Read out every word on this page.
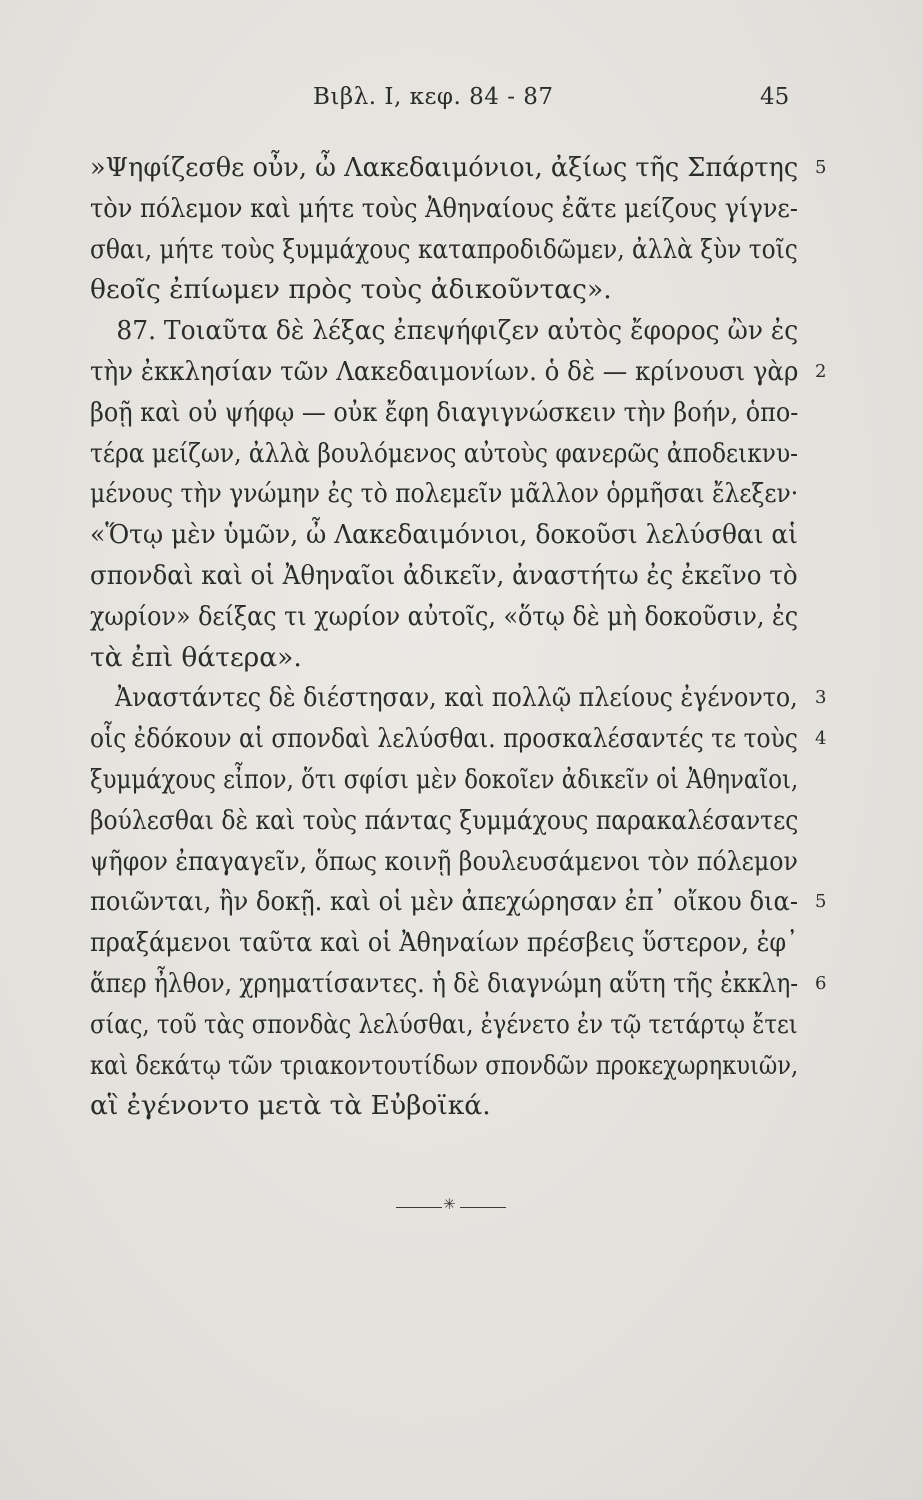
Βιβλ. Ι, κεφ. 84 - 87	45
»Ψηφίζεσθε οὖν, ὦ Λακεδαιμόνιοι, ἀξίως τῆς Σπάρτης 5
τὸν πόλεμον καὶ μήτε τοὺς Ἀθηναίους ἐᾶτε μείζους γίγνε-
σθαι, μήτε τοὺς ξυμμάχους καταπροδιδῶμεν, ἀλλὰ ξὺν τοῖς
θεοῖς ἐπίωμεν πρὸς τοὺς ἀδικοῦντας».
87. Τοιαῦτα δὲ λέξας ἐπεψήφιζεν αὐτὸς ἔφορος ὢν ἐς
τὴν ἐκκλησίαν τῶν Λακεδαιμονίων. ὁ δὲ — κρίνουσι γὰρ 2
βοῇ καὶ οὐ ψήφῳ — οὐκ ἔφη διαγιγνώσκειν τὴν βοήν, ὁπο-
τέρα μείζων, ἀλλὰ βουλόμενος αὐτοὺς φανερῶς ἀποδεικνυ-
μένους τὴν γνώμην ἐς τὸ πολεμεῖν μᾶλλον ὁρμῆσαι ἔλεξεν·
«Ὅτῳ μὲν ὑμῶν, ὦ Λακεδαιμόνιοι, δοκοῦσι λελύσθαι αἱ
σπονδαὶ καὶ οἱ Ἀθηναῖοι ἀδικεῖν, ἀναστήτω ἐς ἐκεῖνο τὸ
χωρίον» δείξας τι χωρίον αὐτοῖς, «ὅτῳ δὲ μὴ δοκοῦσιν, ἐς
τὰ ἐπὶ θάτερα».
Ἀναστάντες δὲ διέστησαν, καὶ πολλῷ πλείους ἐγένοντο, 3
οἷς ἐδόκουν αἱ σπονδαὶ λελύσθαι. προσκαλέσαντές τε τοὺς 4
ξυμμάχους εἶπον, ὅτι σφίσι μὲν δοκοῖεν ἀδικεῖν οἱ Ἀθηναῖοι,
βούλεσθαι δὲ καὶ τοὺς πάντας ξυμμάχους παρακαλέσαντες
ψῆφον ἐπαγαγεῖν, ὅπως κοινῇ βουλευσάμενοι τὸν πόλεμον
ποιῶνται, ἢν δοκῇ. καὶ οἱ μὲν ἀπεχώρησαν ἐπ᾽ οἴκου δια- 5
πραξάμενοι ταῦτα καὶ οἱ Ἀθηναίων πρέσβεις ὕστερον, ἐφ᾽
ἅπερ ἦλθον, χρηματίσαντες. ἡ δὲ διαγνώμη αὕτη τῆς ἐκκλη- 6
σίας, τοῦ τὰς σπονδὰς λελύσθαι, ἐγένετο ἐν τῷ τετάρτῳ ἔτει
καὶ δεκάτῳ τῶν τριακοντουτίδων σπονδῶν προκεχωρηκυιῶν,
αἳ ἐγένοντο μετὰ τὰ Εὐβοϊκά.
✳
